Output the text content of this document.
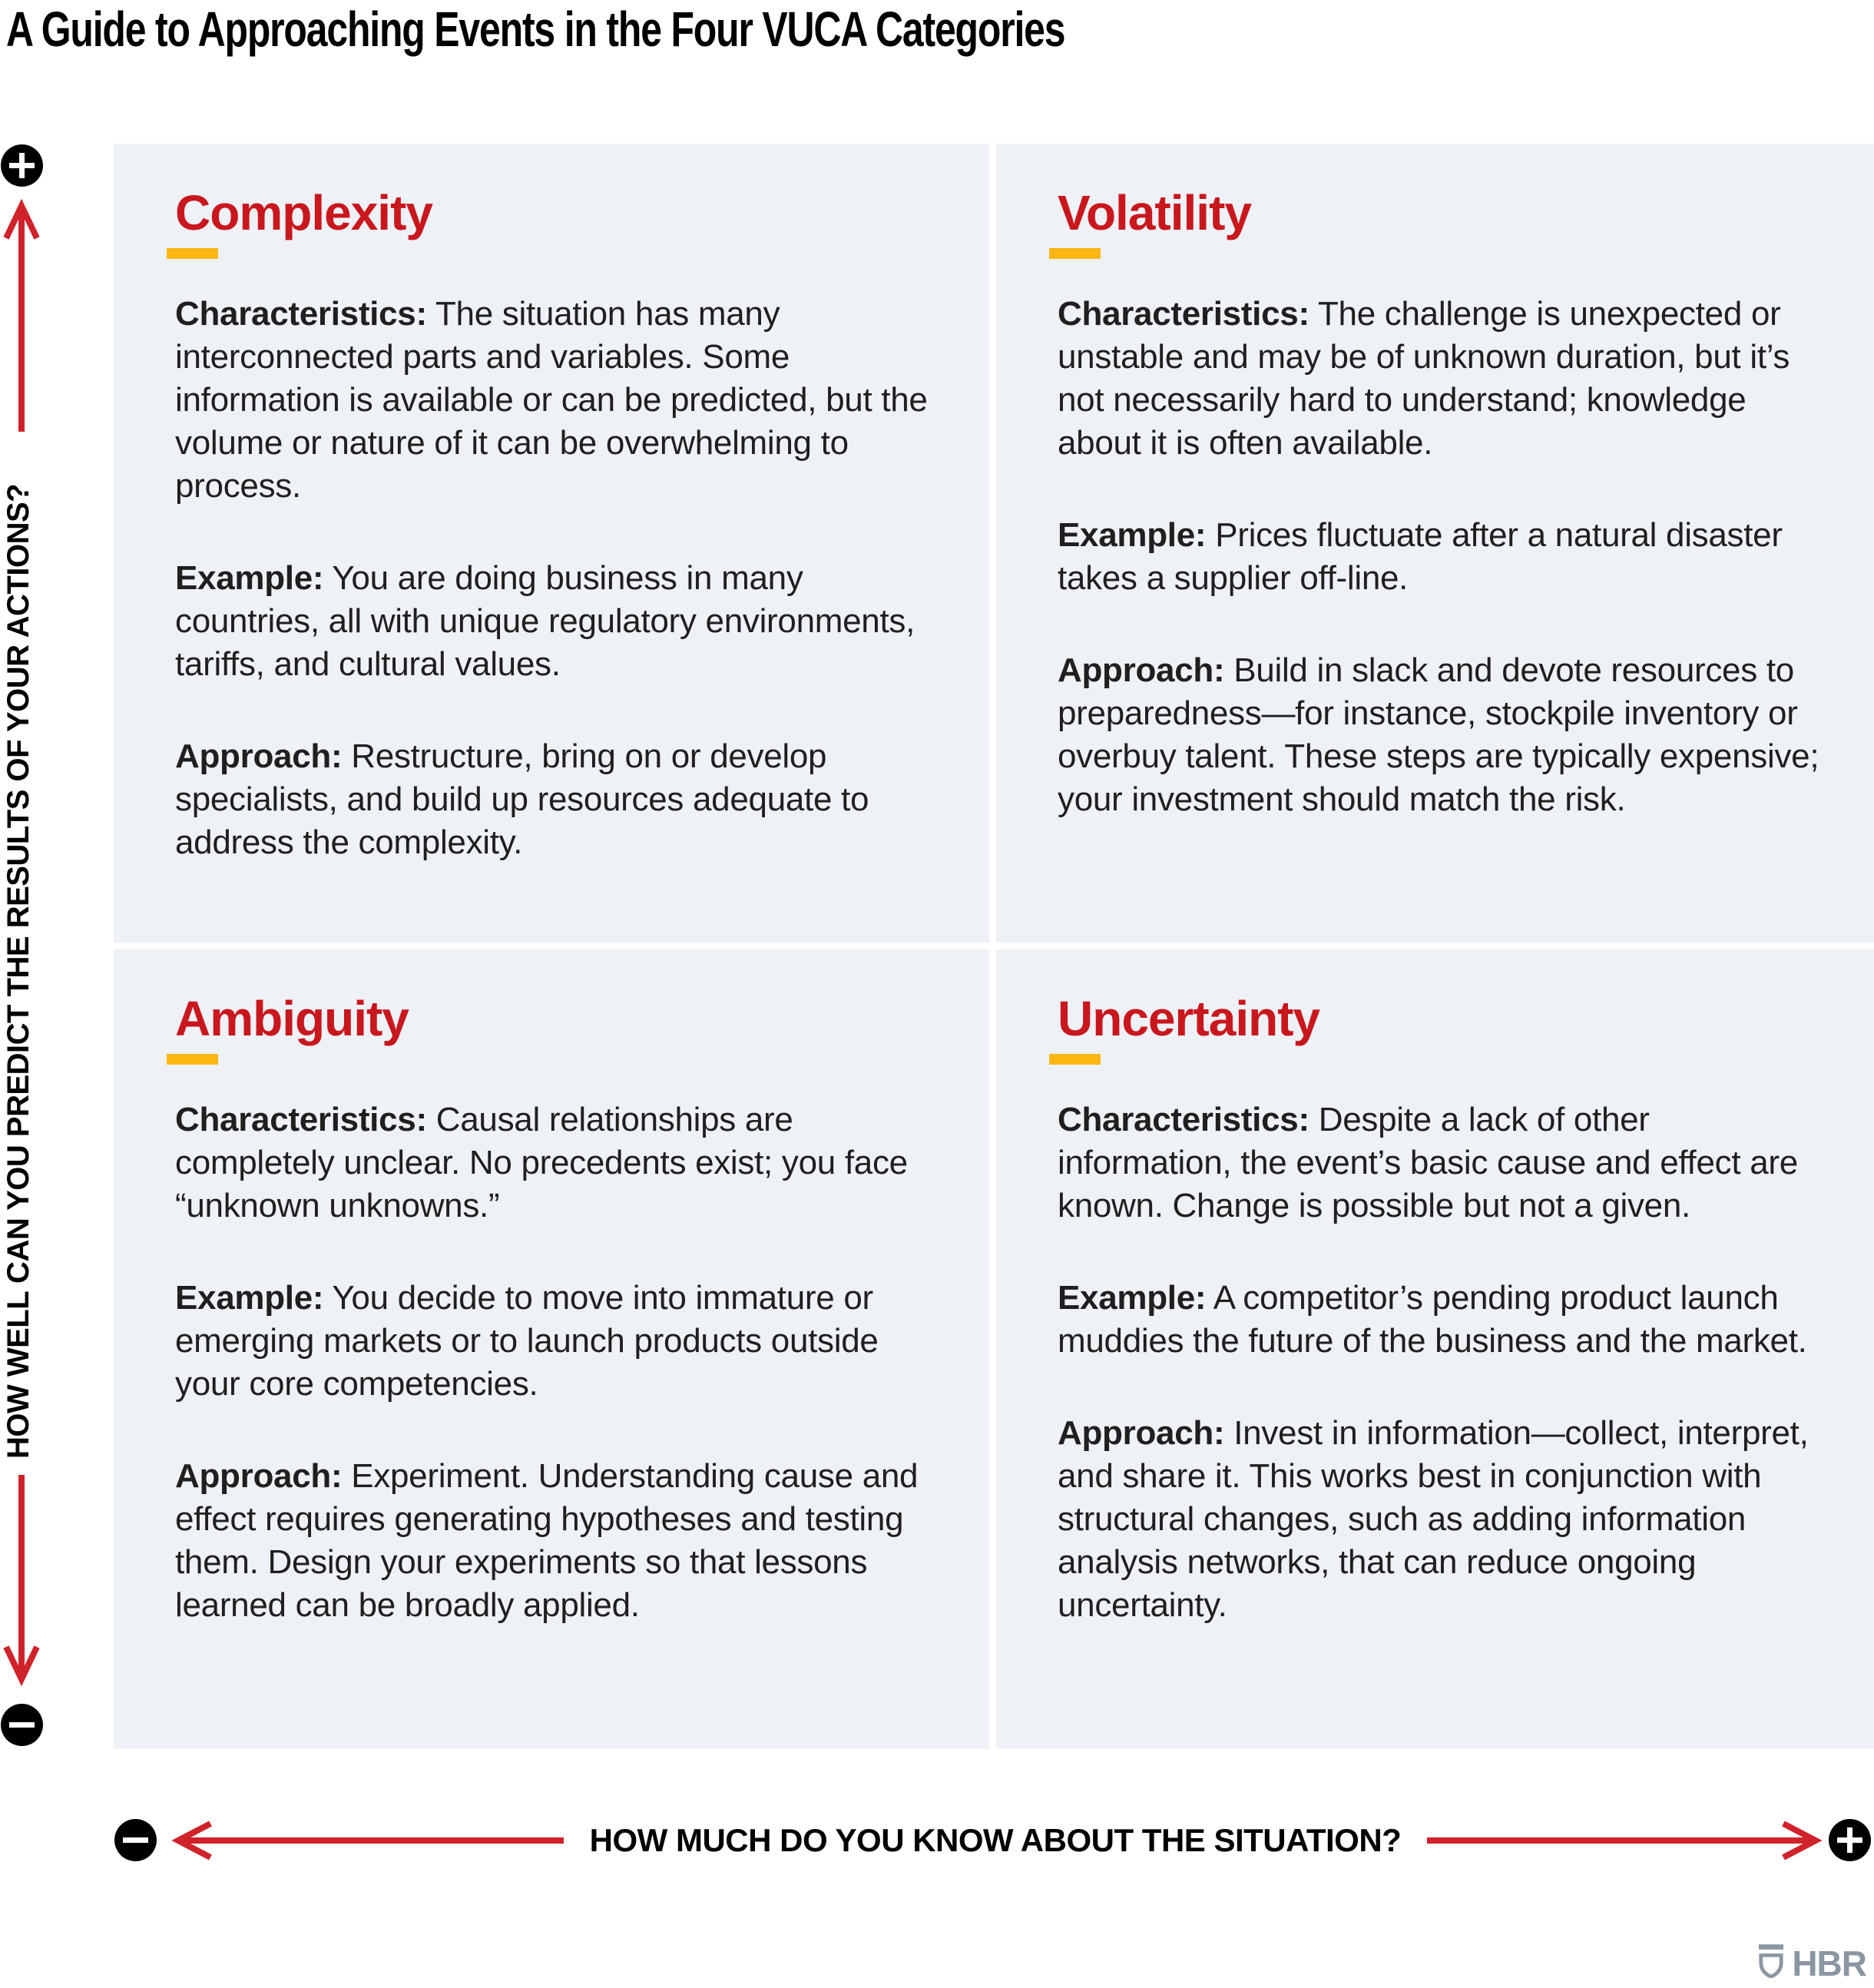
A Guide to Approaching Events in the Four VUCA Categories
Complexity

Characteristics: The situation has many interconnected parts and variables. Some information is available or can be predicted, but the volume or nature of it can be overwhelming to process.

Example: You are doing business in many countries, all with unique regulatory environments, tariffs, and cultural values.

Approach: Restructure, bring on or develop specialists, and build up resources adequate to address the complexity.

Volatility

Characteristics: The challenge is unexpected or unstable and may be of unknown duration, but it’s not necessarily hard to understand; knowledge about it is often available.

Example: Prices fluctuate after a natural disaster takes a supplier off-line.

Approach: Build in slack and devote resources to preparedness—for instance, stockpile inventory or overbuy talent. These steps are typically expensive; your investment should match the risk.

Ambiguity

Characteristics: Causal relationships are completely unclear. No precedents exist; you face “unknown unknowns.”

Example: You decide to move into immature or emerging markets or to launch products outside your core competencies.

Approach: Experiment. Understanding cause and effect requires generating hypotheses and testing them. Design your experiments so that lessons learned can be broadly applied.

Uncertainty

Characteristics: Despite a lack of other information, the event’s basic cause and effect are known. Change is possible but not a given.

Example: A competitor’s pending product launch muddies the future of the business and the market.

Approach: Invest in information—collect, interpret, and share it. This works best in conjunction with structural changes, such as adding information analysis networks, that can reduce ongoing uncertainty.

HOW WELL CAN YOU PREDICT THE RESULTS OF YOUR ACTIONS?
HOW MUCH DO YOU KNOW ABOUT THE SITUATION?
HBR
